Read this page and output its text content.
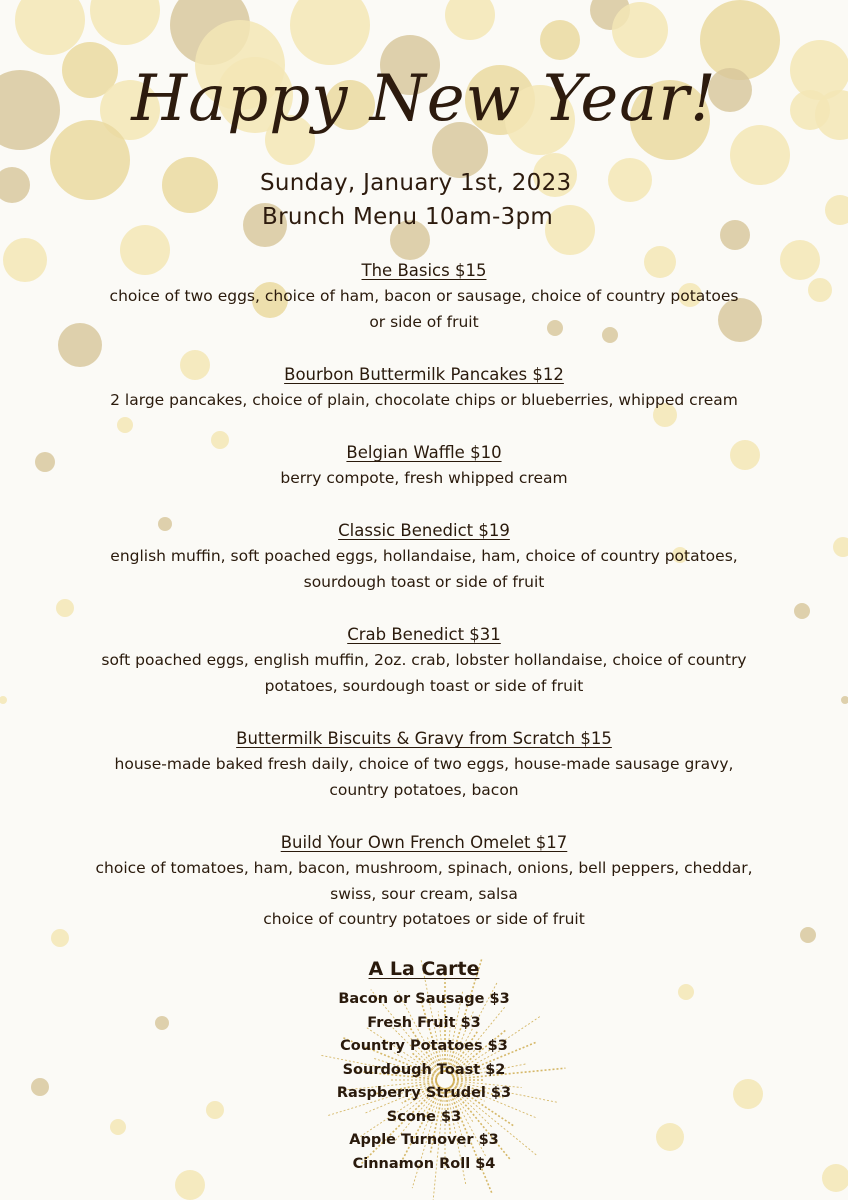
Happy New Year!
Sunday, January 1st, 2023
Brunch Menu 10am-3pm
The Basics $15
choice of two eggs, choice of ham, bacon or sausage, choice of country potatoes
or side of fruit
Bourbon Buttermilk Pancakes $12
2 large pancakes, choice of plain, chocolate chips or blueberries, whipped cream
Belgian Waffle $10
berry compote, fresh whipped cream
Classic Benedict $19
english muffin, soft poached eggs, hollandaise, ham, choice of country potatoes,
sourdough toast or side of fruit
Crab Benedict $31
soft poached eggs, english muffin, 2oz. crab, lobster hollandaise, choice of country
potatoes, sourdough toast or side of fruit
Buttermilk Biscuits & Gravy from Scratch $15
house-made baked fresh daily, choice of two eggs, house-made sausage gravy,
country potatoes, bacon
Build Your Own French Omelet $17
choice of tomatoes, ham, bacon, mushroom, spinach, onions, bell peppers, cheddar,
swiss, sour cream, salsa
choice of country potatoes or side of fruit
A La Carte
Bacon or Sausage $3
Fresh Fruit $3
Country Potatoes $3
Sourdough Toast $2
Raspberry Strudel $3
Scone $3
Apple Turnover $3
Cinnamon Roll $4
